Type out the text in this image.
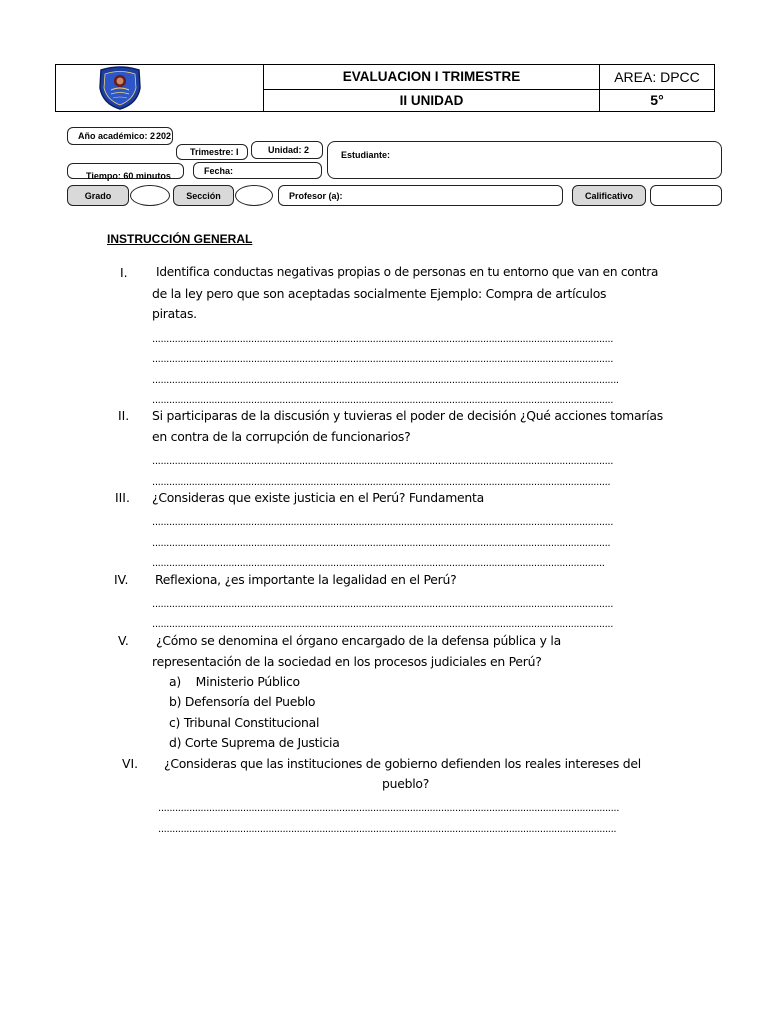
	EVALUACION I TRIMESTRE	AREA: DPCC
	II UNIDAD	5°
Año académico: 2 202
Trimestre: I	Unidad: 2	Estudiante:
Tiempo: 60 minutos
Fecha:
Grado	Sección	Profesor (a):	Calificativo
INSTRUCCIÓN GENERAL
I. Identifica conductas negativas propias o de personas en tu entorno que van en contra
de la ley pero que son aceptadas socialmente Ejemplo: Compra de artículos
piratas.
...................................................................................................................................................................
...................................................................................................................................................................
.....................................................................................................................................................................
...................................................................................................................................................................
II. Si participaras de la discusión y tuvieras el poder de decisión ¿Qué acciones tomarías
en contra de la corrupción de funcionarios?
...................................................................................................................................................................
..................................................................................................................................................................
III. ¿Consideras que existe justicia en el Perú? Fundamenta
...................................................................................................................................................................
..................................................................................................................................................................
................................................................................................................................................................
IV. Reflexiona, ¿es importante la legalidad en el Perú?
...................................................................................................................................................................
...................................................................................................................................................................
V. ¿Cómo se denomina el órgano encargado de la defensa pública y la
representación de la sociedad en los procesos judiciales en Perú?
a)    Ministerio Público
b) Defensoría del Pueblo
c) Tribunal Constitucional
d) Corte Suprema de Justicia
VI. ¿Consideras que las instituciones de gobierno defienden los reales intereses del
pueblo?
...................................................................................................................................................................
..................................................................................................................................................................
